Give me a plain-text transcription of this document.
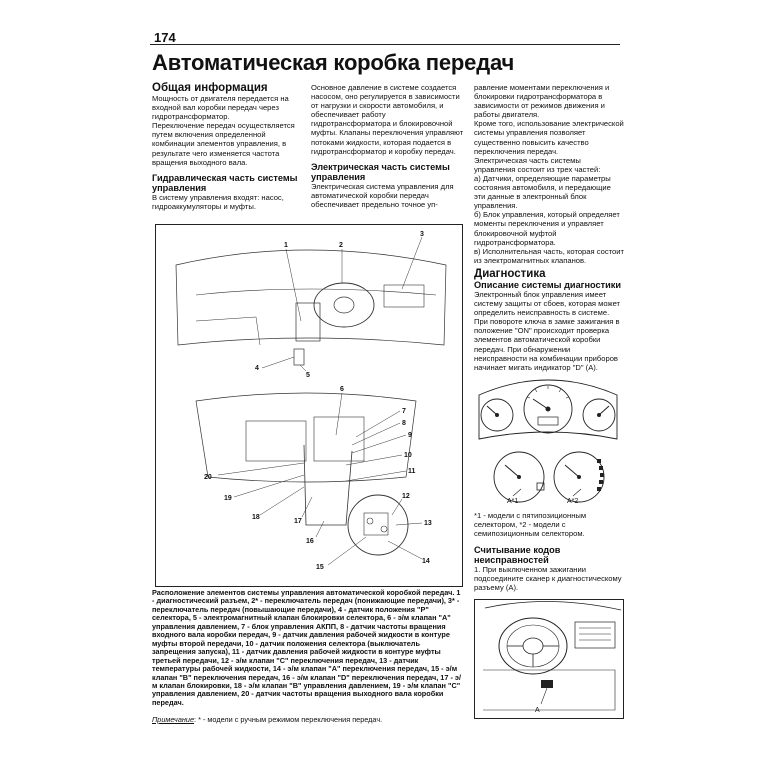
174
Автоматическая коробка передач
Общая информация

Мощность от двигателя передается на входной вал коробки передач через гидротрансформатор.

Переключение передач осуществляется путем включения определенной комбинации элементов управления, в результате чего изменяется частота вращения выходного вала.

Гидравлическая часть системы управления

В систему управления входят: насос, гидроаккумуляторы и муфты.

Основное давление в системе создается насосом, оно регулируется в зависимости от нагрузки и скорости автомобиля, и обеспечивает работу гидротрансформатора и блокировочной муфты. Клапаны переключения управляют потоками жидкости, которая подается в гидротрансформатор и коробку передач.

Электрическая часть системы управления

Электрическая система управления для автоматической коробки передач обеспечивает предельно точное уп-

равление моментами переключения и блокировки гидротрансформатора в зависимости от режимов движения и работы двигателя.

Кроме того, использование электрической системы управления позволяет существенно повысить качество переключения передач.

Электрическая часть системы управления состоит из трех частей:

а) Датчики, определяющие параметры состояния автомобиля, и передающие эти данные в электронный блок управления.

б) Блок управления, который определяет моменты переключения и управляет блокировочной муфтой гидротрансформатора.

в) Исполнительная часть, которая состоит из электромагнитных клапанов.

Диагностика
Описание системы диагностики

Электронный блок управления имеет систему защиты от сбоев, которая может определить неисправность в системе. При повороте ключа в замке зажигания в положение "ON" происходит проверка элементов автоматической коробки передач. При обнаружении неисправности на комбинации приборов начинает мигать индикатор "D" (A).

A*1	A*2

*1 - модели с пятипозиционным селектором, *2 - модели с семипозиционным селектором.

Считывание кодов неисправностей

1. При выключенном зажигании подсоедините сканер к диагностическому разъему (А).

A
1	2
3
4
5
6
7
8
9
10
11
12
13
14
15
16
17
18
19
20
Расположение элементов системы управления автоматической коробкой передач. 1 - диагностический разъем, 2* - переключатель передач (понижающие передачи), 3* - переключатель передач (повышающие передачи), 4 - датчик положения "P" селектора, 5 - электромагнитный клапан блокировки селектора, 6 - э/м клапан "А" управления давлением, 7 - блок управления АКПП, 8 - датчик частоты вращения входного вала коробки передач, 9 - датчик давления рабочей жидкости в контуре муфты второй передачи, 10 - датчик положения селектора (выключатель запрещения запуска), 11 - датчик давления рабочей жидкости в контуре муфты третьей передачи, 12 - э/м клапан "С" переключения передач, 13 - датчик температуры рабочей жидкости, 14 - э/м клапан "А" переключения передач, 15 - э/м клапан "В" переключения передач, 16 - э/м клапан "D" переключения передач, 17 - э/м клапан блокировки, 18 - э/м клапан "В" управления давлением, 19 - э/м клапан "С" управления давлением, 20 - датчик частоты вращения выходного вала коробки передач.
Примечание: * - модели с ручным режимом переключения передач.
